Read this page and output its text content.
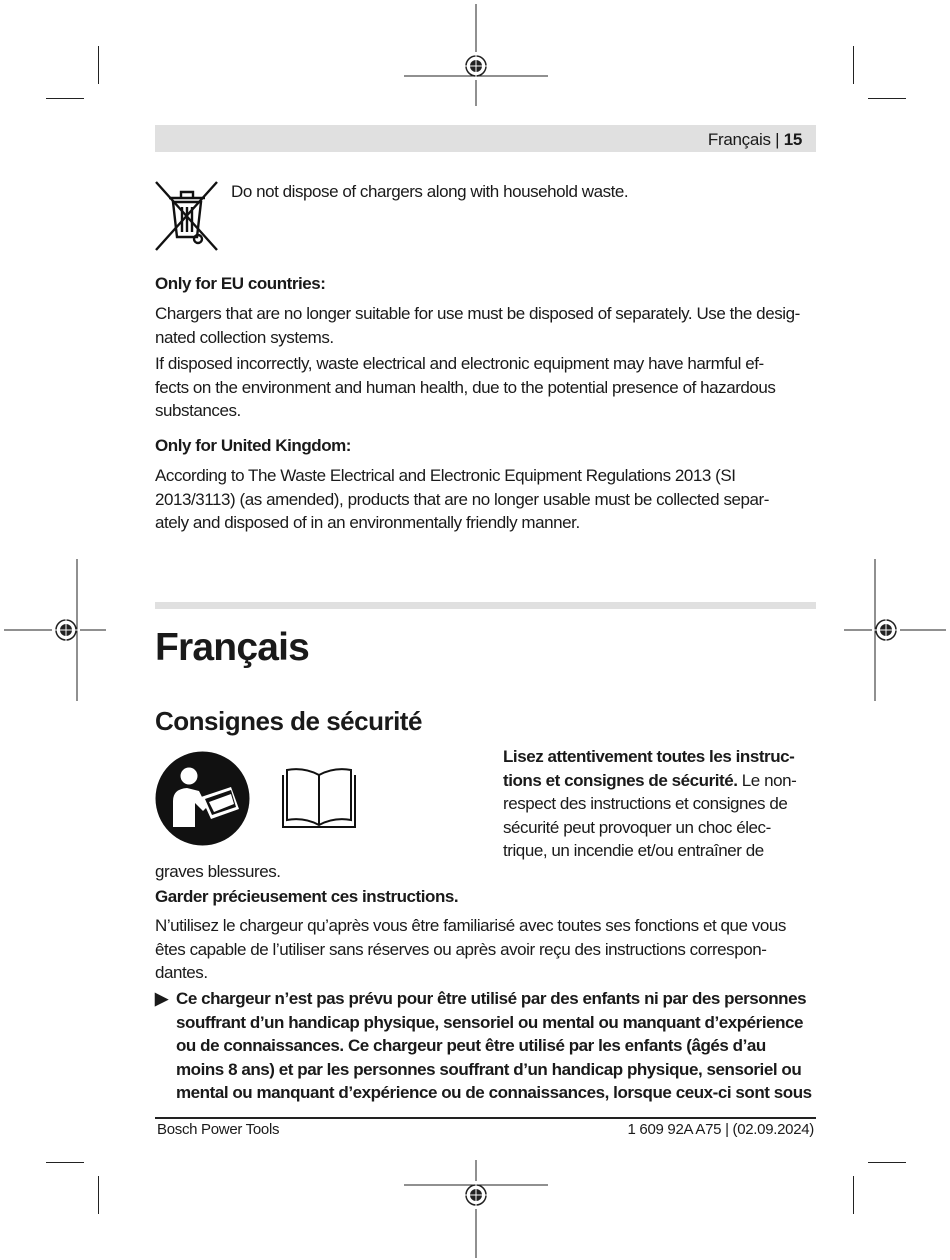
Français | 15

Do not dispose of chargers along with household waste.

Only for EU countries:

Chargers that are no longer suitable for use must be disposed of separately. Use the desig-

nated collection systems.

If disposed incorrectly, waste electrical and electronic equipment may have harmful ef-

fects on the environment and human health, due to the potential presence of hazardous

substances.

Only for United Kingdom:

According to The Waste Electrical and Electronic Equipment Regulations 2013 (SI

2013/3113) (as amended), products that are no longer usable must be collected separ-

ately and disposed of in an environmentally friendly manner.

Français
Consignes de sécurité
Lisez attentivement toutes les instruc-
tions et consignes de sécurité. Le non-
respect des instructions et consignes de
sécurité peut provoquer un choc élec-
trique, un incendie et/ou entraîner de

graves blessures.

Garder précieusement ces instructions.

N’utilisez le chargeur qu’après vous être familiarisé avec toutes ses fonctions et que vous

êtes capable de l’utiliser sans réserves ou après avoir reçu des instructions correspon-

dantes.

▶ Ce chargeur n’est pas prévu pour être utilisé par des enfants ni par des personnes
souffrant d’un handicap physique, sensoriel ou mental ou manquant d’expérience
ou de connaissances. Ce chargeur peut être utilisé par les enfants (âgés d’au
moins 8 ans) et par les personnes souffrant d’un handicap physique, sensoriel ou
mental ou manquant d’expérience ou de connaissances, lorsque ceux-ci sont sous
Bosch Power Tools	1 609 92A A75 | (02.09.2024)
